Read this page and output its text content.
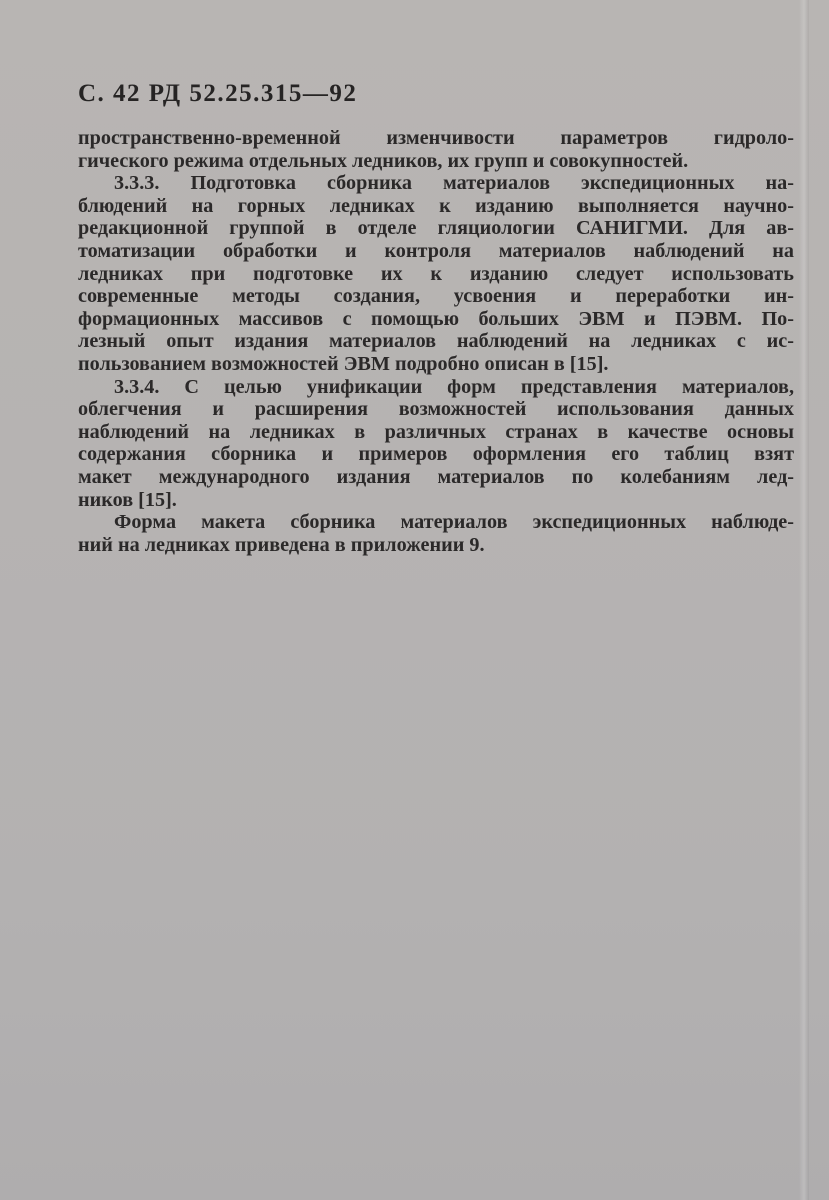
С. 42 РД 52.25.315—92
пространственно-временной изменчивости параметров гидроло-
гического режима отдельных ледников, их групп и совокупностей.
3.3.3. Подготовка сборника материалов экспедиционных на-
блюдений на горных ледниках к изданию выполняется научно-
редакционной группой в отделе гляциологии САНИГМИ. Для ав-
томатизации обработки и контроля материалов наблюдений на
ледниках при подготовке их к изданию следует использовать
современные методы создания, усвоения и переработки ин-
формационных массивов с помощью больших ЭВМ и ПЭВМ. По-
лезный опыт издания материалов наблюдений на ледниках с ис-
пользованием возможностей ЭВМ подробно описан в [15].
3.3.4. С целью унификации форм представления материалов,
облегчения и расширения возможностей использования данных
наблюдений на ледниках в различных странах в качестве основы
содержания сборника и примеров оформления его таблиц взят
макет международного издания материалов по колебаниям лед-
ников [15].
Форма макета сборника материалов экспедиционных наблюде-
ний на ледниках приведена в приложении 9.
